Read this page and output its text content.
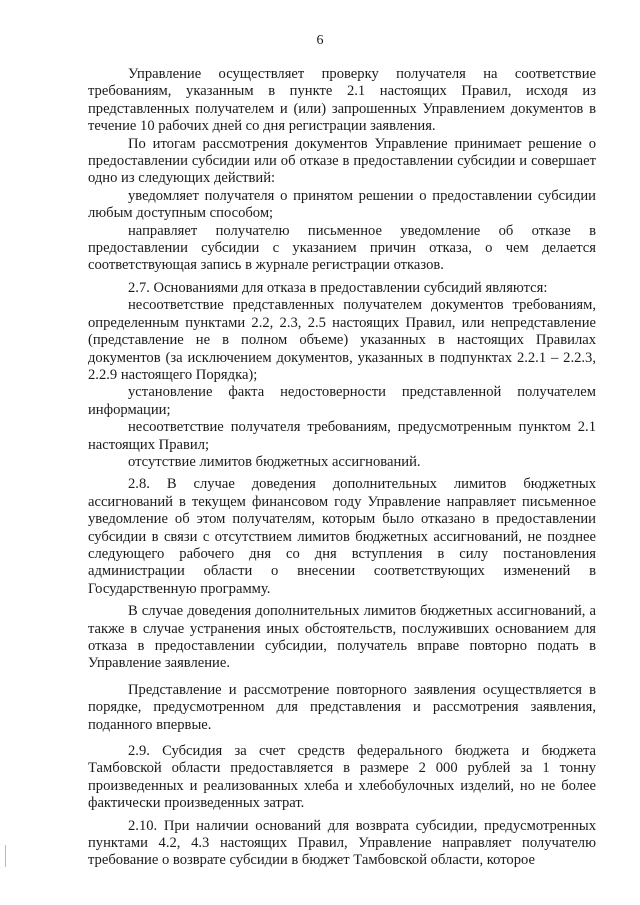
6

Управление осуществляет проверку получателя на соответствие требованиям, указанным в пункте 2.1 настоящих Правил, исходя из представленных получателем и (или) запрошенных Управлением документов в течение 10 рабочих дней со дня регистрации заявления.

По итогам рассмотрения документов Управление принимает решение о предоставлении субсидии или об отказе в предоставлении субсидии и совершает одно из следующих действий:

уведомляет получателя о принятом решении о предоставлении субсидии любым доступным способом;

направляет получателю письменное уведомление об отказе в предоставлении субсидии с указанием причин отказа, о чем делается соответствующая запись в журнале регистрации отказов.

2.7. Основаниями для отказа в предоставлении субсидий являются:

несоответствие представленных получателем документов требованиям, определенным пунктами 2.2, 2.3, 2.5 настоящих Правил, или непредставление (представление не в полном объеме) указанных в настоящих Правилах документов (за исключением документов, указанных в подпунктах 2.2.1 – 2.2.3, 2.2.9 настоящего Порядка);

установление факта недостоверности представленной получателем информации;

несоответствие получателя требованиям, предусмотренным пунктом 2.1 настоящих Правил;

отсутствие лимитов бюджетных ассигнований.

2.8. В случае доведения дополнительных лимитов бюджетных ассигнований в текущем финансовом году Управление направляет письменное уведомление об этом получателям, которым было отказано в предоставлении субсидии в связи с отсутствием лимитов бюджетных ассигнований, не позднее следующего рабочего дня со дня вступления в силу постановления администрации области о внесении соответствующих изменений в Государственную программу.

В случае доведения дополнительных лимитов бюджетных ассигнований, а также в случае устранения иных обстоятельств, послуживших основанием для отказа в предоставлении субсидии, получатель вправе повторно подать в Управление заявление.

Представление и рассмотрение повторного заявления осуществляется в порядке, предусмотренном для представления и рассмотрения заявления, поданного впервые.

2.9. Субсидия за счет средств федерального бюджета и бюджета Тамбовской области предоставляется в размере 2 000 рублей за 1 тонну произведенных и реализованных хлеба и хлебобулочных изделий, но не более фактически произведенных затрат.

2.10. При наличии оснований для возврата субсидии, предусмотренных пунктами 4.2, 4.3 настоящих Правил, Управление направляет получателю требование о возврате субсидии в бюджет Тамбовской области, которое
